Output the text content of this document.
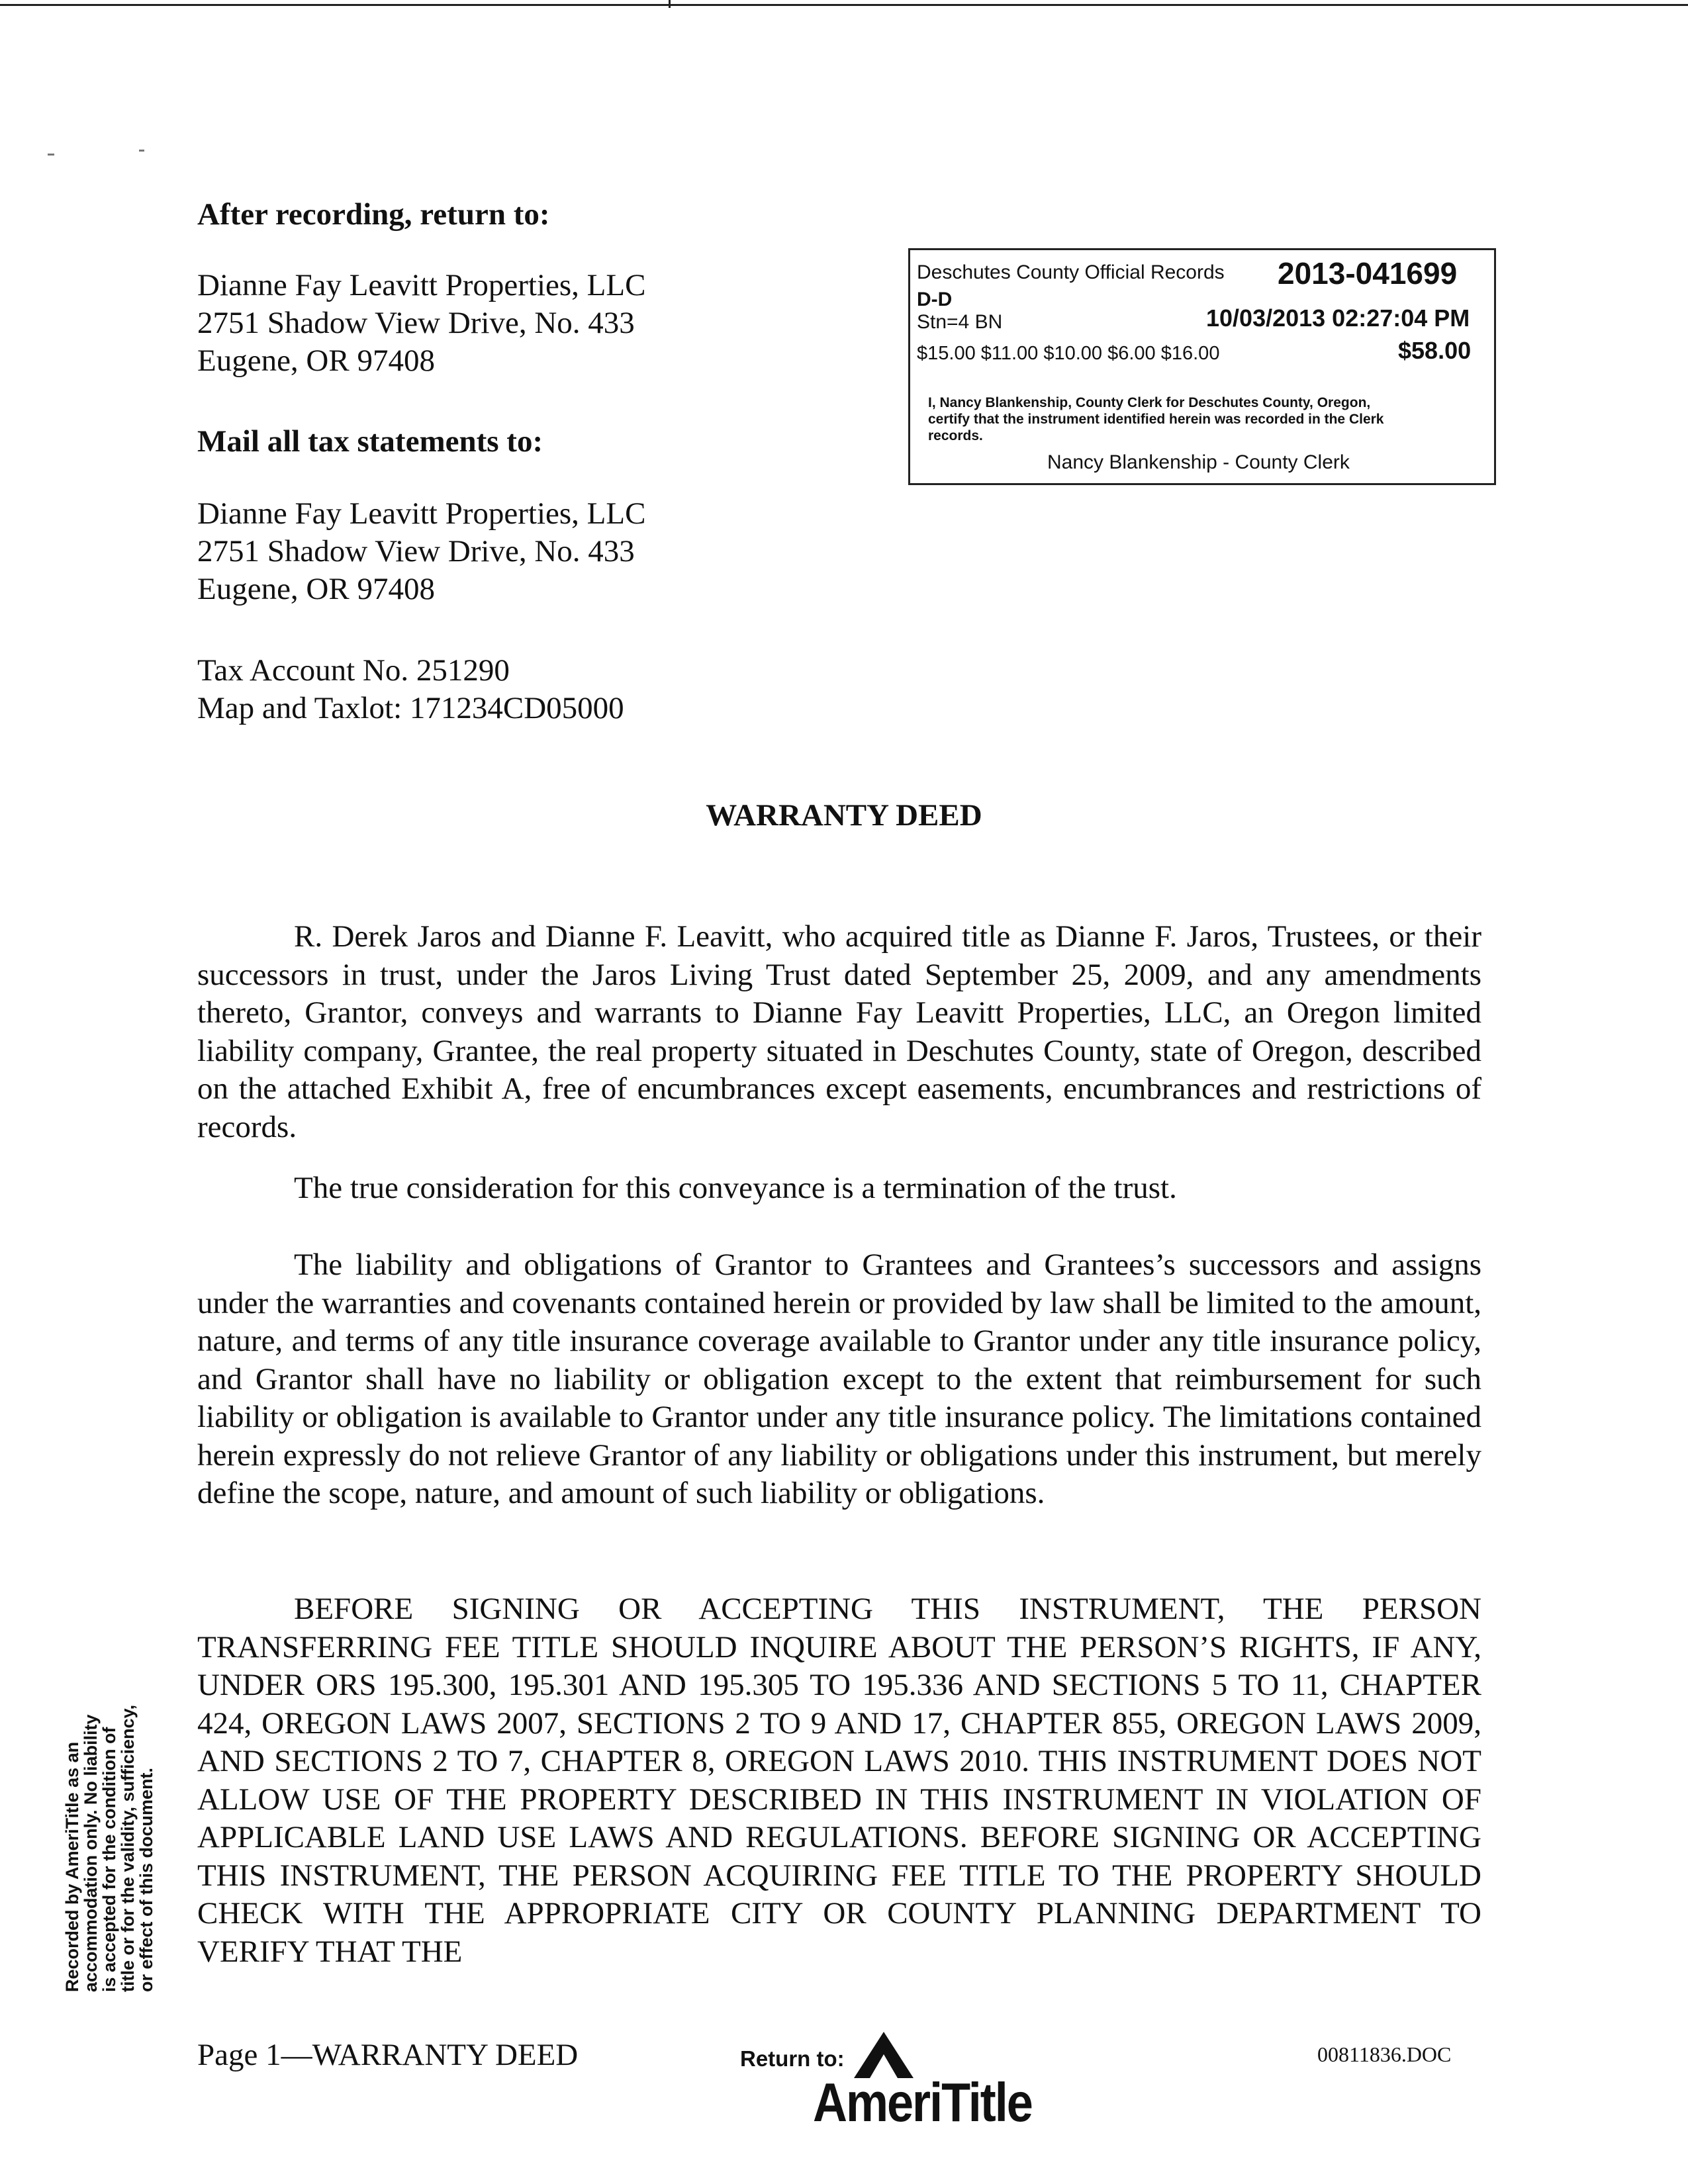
After recording, return to:
Dianne Fay Leavitt Properties, LLC
2751 Shadow View Drive, No. 433
Eugene, OR 97408
Mail all tax statements to:
Dianne Fay Leavitt Properties, LLC
2751 Shadow View Drive, No. 433
Eugene, OR 97408
Tax Account No. 251290
Map and Taxlot: 171234CD05000
Deschutes County Official Records 2013-041699
D-D
Stn=4 BN	10/03/2013 02:27:04 PM
$15.00 $11.00 $10.00 $6.00 $16.00	$58.00
I, Nancy Blankenship, County Clerk for Deschutes County, Oregon,
certify that the instrument identified herein was recorded in the Clerk
records.
Nancy Blankenship - County Clerk
WARRANTY DEED
R. Derek Jaros and Dianne F. Leavitt, who acquired title as Dianne F. Jaros, Trustees, or their successors in trust, under the Jaros Living Trust dated September 25, 2009, and any amendments thereto, Grantor, conveys and warrants to Dianne Fay Leavitt Properties, LLC, an Oregon limited liability company, Grantee, the real property situated in Deschutes County, state of Oregon, described on the attached Exhibit A, free of encumbrances except easements, encumbrances and restrictions of records.
The true consideration for this conveyance is a termination of the trust.
The liability and obligations of Grantor to Grantees and Grantees’s successors and assigns under the warranties and covenants contained herein or provided by law shall be limited to the amount, nature, and terms of any title insurance coverage available to Grantor under any title insurance policy, and Grantor shall have no liability or obligation except to the extent that reimbursement for such liability or obligation is available to Grantor under any title insurance policy. The limitations contained herein expressly do not relieve Grantor of any liability or obligations under this instrument, but merely define the scope, nature, and amount of such liability or obligations.
BEFORE SIGNING OR ACCEPTING THIS INSTRUMENT, THE PERSON TRANSFERRING FEE TITLE SHOULD INQUIRE ABOUT THE PERSON’S RIGHTS, IF ANY, UNDER ORS 195.300, 195.301 AND 195.305 TO 195.336 AND SECTIONS 5 TO 11, CHAPTER 424, OREGON LAWS 2007, SECTIONS 2 TO 9 AND 17, CHAPTER 855, OREGON LAWS 2009, AND SECTIONS 2 TO 7, CHAPTER 8, OREGON LAWS 2010. THIS INSTRUMENT DOES NOT ALLOW USE OF THE PROPERTY DESCRIBED IN THIS INSTRUMENT IN VIOLATION OF APPLICABLE LAND USE LAWS AND REGULATIONS. BEFORE SIGNING OR ACCEPTING THIS INSTRUMENT, THE PERSON ACQUIRING FEE TITLE TO THE PROPERTY SHOULD CHECK WITH THE APPROPRIATE CITY OR COUNTY PLANNING DEPARTMENT TO VERIFY THAT THE
Recorded by AmeriTitle as an
accommodation only. No liability
is accepted for the condition of
title or for the validity, sufficiency,
or effect of this document.
Page 1—WARRANTY DEED	Return to:
AmeriTitle
00811836.DOC
